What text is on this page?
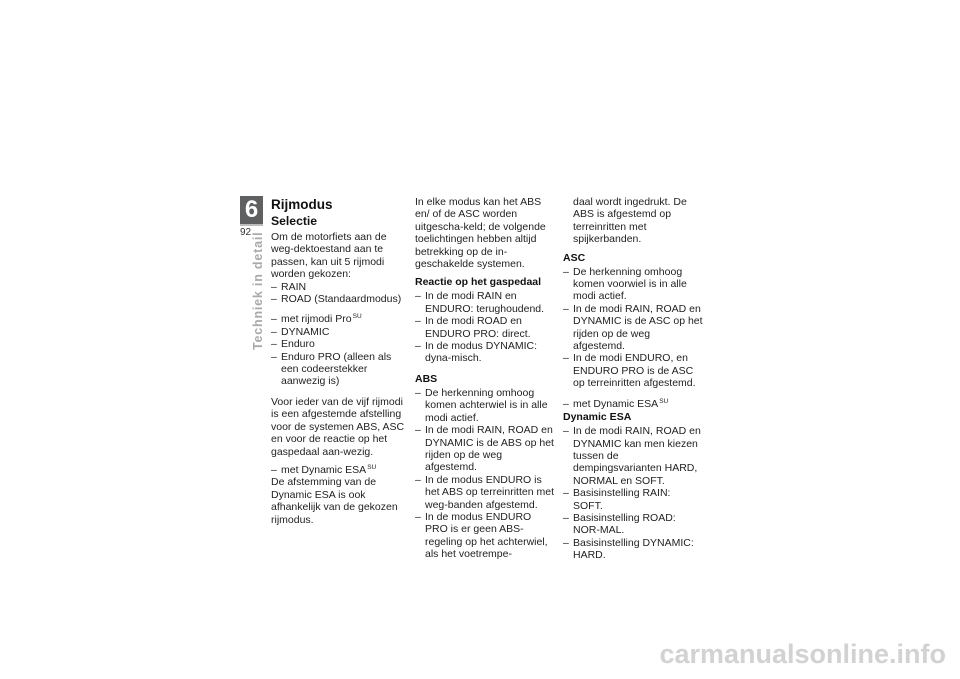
6
92 Techniek in detail
Rijmodus
Selectie

Om de motorfiets aan de weg-dektoestand aan te passen, kan uit 5 rijmodi worden gekozen:

– RAIN
– ROAD (Standaardmodus)
– met rijmodi Pro$^{SU}$
– DYNAMIC
– Enduro
– Enduro PRO (alleen als een codeerstekker aanwezig is)

Voor ieder van de vijf rijmodi is een afgestemde afstelling voor de systemen ABS, ASC en voor de reactie op het gaspedaal aan-wezig.

– met Dynamic $ESA^{SU}$

De afstemming van de Dynamic ESA is ook afhankelijk van de gekozen rijmodus.

In elke modus kan het ABS en/ of de ASC worden uitgescha-keld; de volgende toelichtingen hebben altijd betrekking op de in-geschakelde systemen.

Reactie op het gaspedaal
– In de modi RAIN en ENDURO: terughoudend.
– In de modi ROAD en ENDURO PRO: direct.
– In de modus DYNAMIC: dyna-misch.
ABS
– De herkenning omhoog komen achterwiel is in alle modi actief.
– In de modi RAIN, ROAD en DYNAMIC is de ABS op het rijden op de weg afgestemd.
– In de modus ENDURO is het ABS op terreinritten met weg-banden afgestemd.
– In de modus ENDURO PRO is er geen ABS-regeling op het achterwiel, als het voetrempe-

daal wordt ingedrukt. De ABS is afgestemd op terreinritten met spijkerbanden.

ASC
– De herkenning omhoog komen voorwiel is in alle modi actief.
– In de modi RAIN, ROAD en DYNAMIC is de ASC op het rijden op de weg afgestemd.
– In de modi ENDURO, en ENDURO PRO is de ASC op terreinritten afgestemd.
– met Dynamic $ESA^{SU}$
Dynamic ESA
– In de modi RAIN, ROAD en DYNAMIC kan men kiezen tussen de dempingsvarianten HARD, NORMAL en SOFT.
– Basisinstelling RAIN: SOFT.
– Basisinstelling ROAD: NOR-MAL.
– Basisinstelling DYNAMIC: HARD.
carmanualsonline.info
